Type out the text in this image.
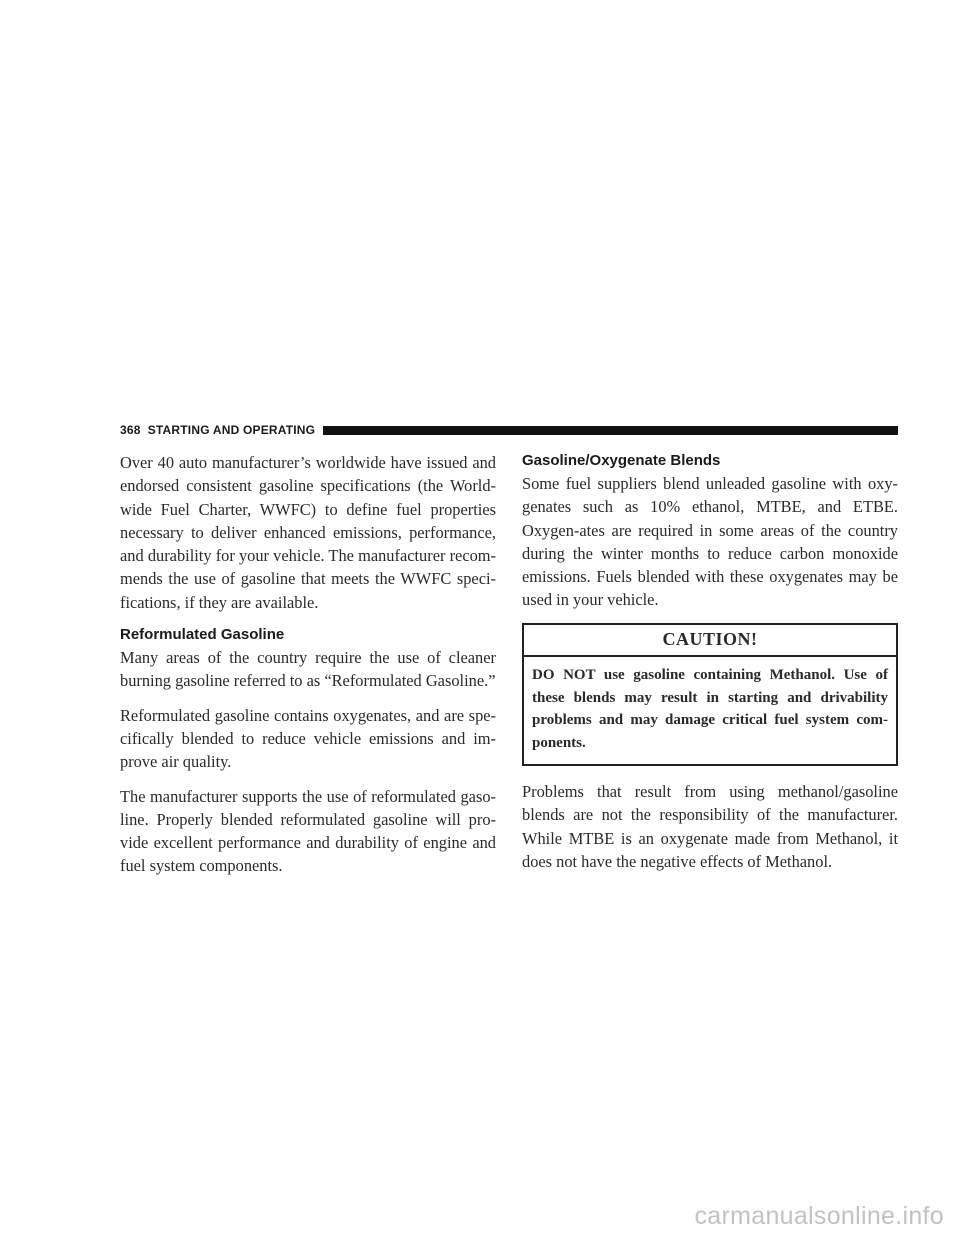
368 STARTING AND OPERATING

Over 40 auto manufacturer’s worldwide have issued and endorsed consistent gasoline specifications (the World-wide Fuel Charter, WWFC) to define fuel properties necessary to deliver enhanced emissions, performance, and durability for your vehicle. The manufacturer recom-mends the use of gasoline that meets the WWFC speci-fications, if they are available.

Reformulated Gasoline

Many areas of the country require the use of cleaner burning gasoline referred to as “Reformulated Gasoline.”

Reformulated gasoline contains oxygenates, and are spe-cifically blended to reduce vehicle emissions and im-prove air quality.

The manufacturer supports the use of reformulated gaso-line. Properly blended reformulated gasoline will pro-vide excellent performance and durability of engine and fuel system components.

Gasoline/Oxygenate Blends

Some fuel suppliers blend unleaded gasoline with oxy-genates such as 10% ethanol, MTBE, and ETBE. Oxygen-ates are required in some areas of the country during the winter months to reduce carbon monoxide emissions. Fuels blended with these oxygenates may be used in your vehicle.

CAUTION!
DO NOT use gasoline containing Methanol. Use of these blends may result in starting and drivability problems and may damage critical fuel system com-ponents.

Problems that result from using methanol/gasoline blends are not the responsibility of the manufacturer. While MTBE is an oxygenate made from Methanol, it does not have the negative effects of Methanol.

carmanualsonline.info
